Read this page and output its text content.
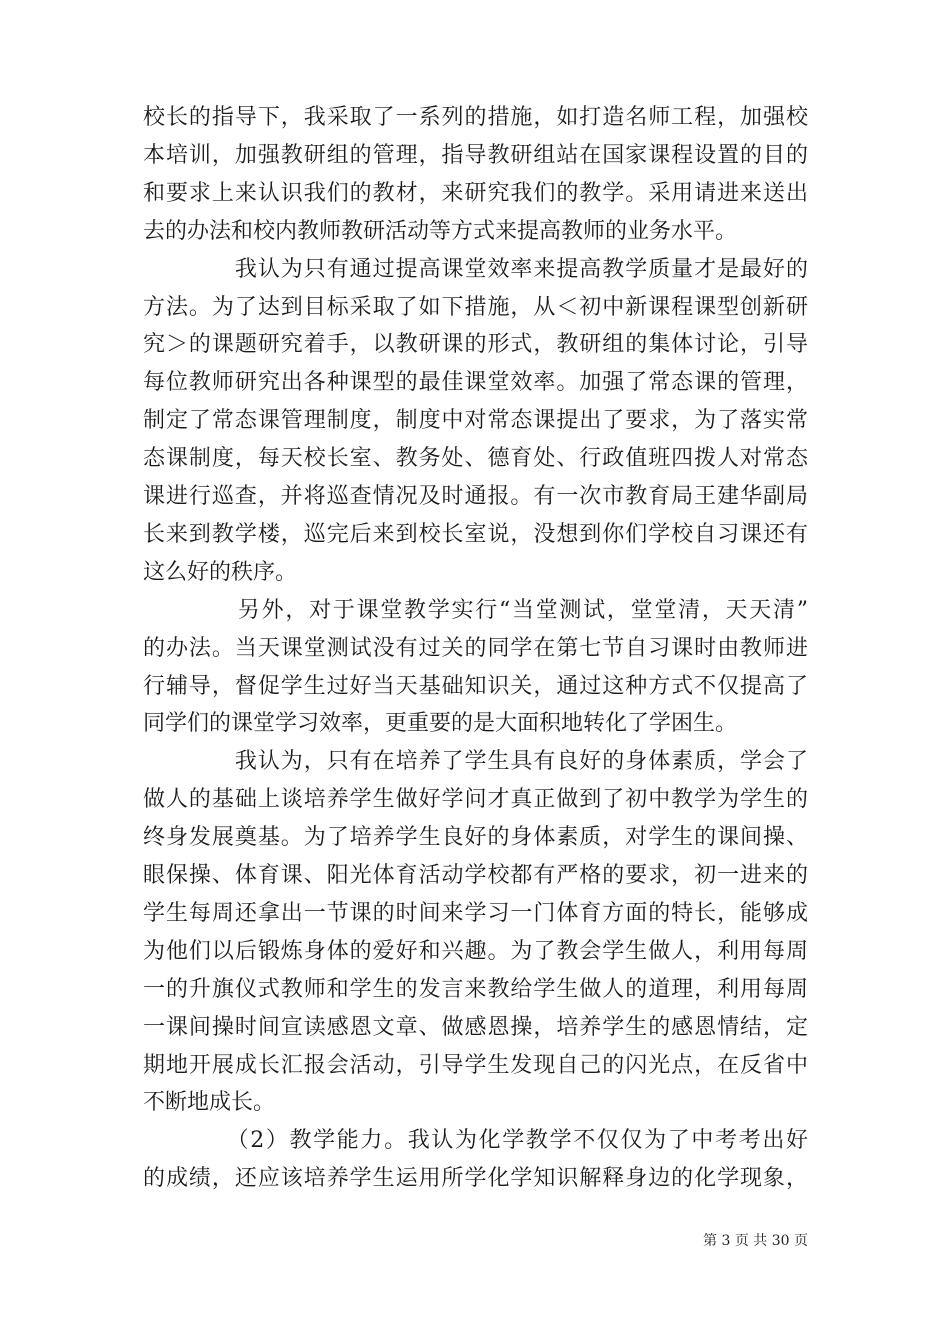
校长的指导下，我采取了一系列的措施，如打造名师工程，加强校
本培训，加强教研组的管理，指导教研组站在国家课程设置的目的
和要求上来认识我们的教材，来研究我们的教学。采用请进来送出
去的办法和校内教师教研活动等方式来提高教师的业务水平。
　　　　我认为只有通过提高课堂效率来提高教学质量才是最好的
方法。为了达到目标采取了如下措施，从＜初中新课程课型创新研
究＞的课题研究着手，以教研课的形式，教研组的集体讨论，引导
每位教师研究出各种课型的最佳课堂效率。加强了常态课的管理，
制定了常态课管理制度，制度中对常态课提出了要求，为了落实常
态课制度，每天校长室、教务处、德育处、行政值班四拨人对常态
课进行巡查，并将巡查情况及时通报。有一次市教育局王建华副局
长来到教学楼，巡完后来到校长室说，没想到你们学校自习课还有
这么好的秩序。
　　　　另外，对于课堂教学实行“当堂测试，堂堂清，天天清”
的办法。当天课堂测试没有过关的同学在第七节自习课时由教师进
行辅导，督促学生过好当天基础知识关，通过这种方式不仅提高了
同学们的课堂学习效率，更重要的是大面积地转化了学困生。
　　　　我认为，只有在培养了学生具有良好的身体素质，学会了
做人的基础上谈培养学生做好学问才真正做到了初中教学为学生的
终身发展奠基。为了培养学生良好的身体素质，对学生的课间操、
眼保操、体育课、阳光体育活动学校都有严格的要求，初一进来的
学生每周还拿出一节课的时间来学习一门体育方面的特长，能够成
为他们以后锻炼身体的爱好和兴趣。为了教会学生做人，利用每周
一的升旗仪式教师和学生的发言来教给学生做人的道理，利用每周
一课间操时间宣读感恩文章、做感恩操，培养学生的感恩情结，定
期地开展成长汇报会活动，引导学生发现自己的闪光点，在反省中
不断地成长。
　　　　（2）教学能力。我认为化学教学不仅仅为了中考考出好
的成绩，还应该培养学生运用所学化学知识解释身边的化学现象，
第 3 页 共 30 页
